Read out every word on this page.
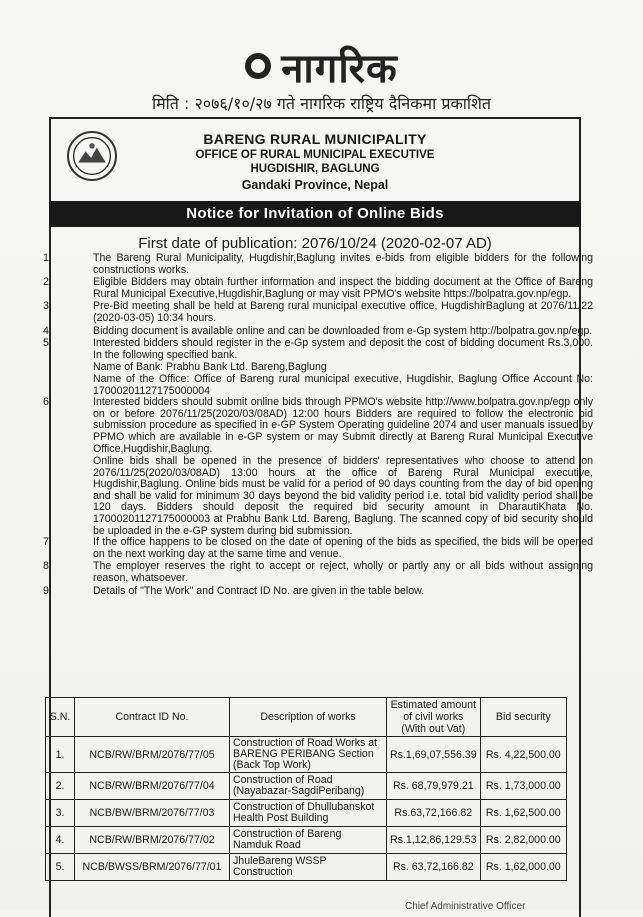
नागरिक
मिति : २०७६/१०/२७ गते नागरिक राष्ट्रिय दैनिकमा प्रकाशित
BARENG RURAL MUNICIPALITY
OFFICE OF RURAL MUNICIPAL EXECUTIVE
HUGDISHIR, BAGLUNG
Gandaki Province, Nepal
Notice for Invitation of Online Bids
First date of publication: 2076/10/24 (2020-02-07 AD)
1.	The Bareng Rural Municipality, Hugdishir,Baglung invites e-bids from eligible bidders for the following constructions works.
2.	Eligible Bidders may obtain further information and inspect the bidding document at the Office of Bareng Rural Municipal Executive,Hugdishir,Baglung or may visit PPMO's website https://bolpatra.gov.np/egp.
3.	Pre-Bid meeting shall be held at Bareng rural municipal executive office, HugdishirBaglung at 2076/11/22 (2020-03-05) 10:34 hours.
4.	Bidding document is available online and can be downloaded from e-Gp system http://bolpatra.gov.np/egp.
5.	Interested bidders should register in the e-Gp system and deposit the cost of bidding document Rs.3,000. In the following specified bank.
Name of Bank: Prabhu Bank Ltd. Bareng,Baglung
Name of the Office: Office of Bareng rural municipal executive, Hugdishir, Baglung Office Account No: 17000201127175000004
6.	Interested bidders should submit online bids through PPMO's website http://www.bolpatra.gov.np/egp only on or before 2076/11/25(2020/03/08AD) 12:00 hours Bidders are required to follow the electronic bid submission procedure as specified in e-GP System Operating guideline 2074 and user manuals issued by PPMO which are available in e-GP system or may Submit directly at Bareng Rural Municipal Executive Office,Hugdishir,Baglung.
Online bids shall be opened in the presence of bidders' representatives who choose to attend on 2076/11/25(2020/03/08AD) 13:00 hours at the office of Bareng Rural Municipal executive, Hugdishir,Baglung. Online bids must be valid for a period of 90 days counting from the day of bid opening and shall be valid for minimum 30 days beyond the bid validity period i.e. total bid validity period shall be 120 days. Bidders should deposit the required bid security amount in DharautiKhata No. 17000201127175000003 at Prabhu Bank Ltd. Bareng, Baglung. The scanned copy of bid security should be uploaded in the e-GP system during bid submission.
7.	If the office happens to be closed on the date of opening of the bids as specified, the bids will be opened on the next working day at the same time and venue.
8.	The employer reserves the right to accept or reject, wholly or partly any or all bids without assigning reason, whatsoever.
9.	Details of "The Work" and Contract ID No. are given in the table below.
S.N.	Contract ID No.	Description of works	Estimated amount of civil works (With out Vat)	Bid security
1.	NCB/RW/BRM/2076/77/05	Construction of Road Works at BARENG PERIBANG Section (Back Top Work)	Rs.1,69,07,556.39	Rs. 4,22,500.00
2.	NCB/RW/BRM/2076/77/04	Construction of Road (Nayabazar-SagdiPeribang)	Rs. 68,79,979.21	Rs. 1,73,000.00
3.	NCB/BW/BRM/2076/77/03	Construction of Dhullubanskot Health Post Building	Rs.63,72,166.82	Rs. 1,62,500.00
4.	NCB/RW/BRM/2076/77/02	Construction of Bareng Namduk Road	Rs.1,12,86,129.53	Rs. 2,82,000.00
5.	NCB/BWSS/BRM/2076/77/01	JhuleBareng WSSP Construction	Rs. 63,72,166.82	Rs. 1,62,000.00
Chief Administrative Officer
